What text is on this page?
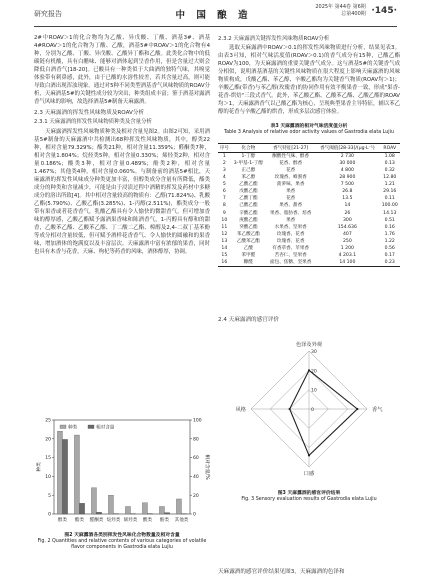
研究报告	中 国 酿 造
2025年 第44卷 第6期
总第400期 ·145·

2#中ROAV＞1的化合物均为乙酸、异戊酸、丁酸、酒基3#、酒基4#ROAV＞1的化合物为丁酸、乙酸，酒基5#中ROAV＞1的化合物有4种，分别为乙酸、丁酸、异戊酸、乙酸异丁酯和乙酸。此类化合物中的低碳链有机酸，具有白醋味、能够对酒体起到呈香作用，但是含量过大则会降低白酒香气[18-20]。已酸具有一种类似于大曲酒的独特气味，其嗅觉体验带有刺鼻感，此外，由于已酸的水溶性较差，若其含量过高，则可能导致白酒出现浑浊现象。通过对5种不同类型酒基香气风味物质的ROAV分析，天麻酒基5#的关键性成分较为突出，种类组成丰富；鉴于酒基对露酒香气风味的影响，故选择酒基5#制备天麻露酒。

2.3 天麻露酒的挥发性风味物质及ROAV分析
2.3.1 天麻露酒的挥发性风味物质种类及含量分析

天麻露酒挥发性风味物质种类及相对含量见图2。由图2可知，采用酒基5#制备的天麻露酒中共检测出68种挥发性风味物质，其中，醇类22种，相对含量79.329%；酯类21种，相对含量11.359%；醛酮类7种，相对含量1.804%；烷烃类5种，相对含量0.330%；烯烃类2种，相对含量0.186%；酸类3种，相对含量0.489%；酚类2种，相对含量1.467%；其他类4种，相对含量0.060%。与制备前的酒基5#相比，天麻露酒的挥发性风味成分种类更加丰富，但醇类成分含量有所降低，酯类成分的种类和含量减少，可能是由于浸渍过程中酒精的挥发及药材中多糖成分的溶出所致[4]。其中相对含量较高的物质有：乙醇(71.824%)、乳酸乙酯(5.790%)、乙酸乙酯(3.285%)、1-丙醇(2.511%)，酯类成分一般带有果香或者花香香气，乳酸乙酯具有令人愉快的微甜香气，但可增加香味的醇厚感，乙酸乙酯赋予露酒果香味和陈酒香气，1-丙醇具有醇和的甜香，乙酸苯乙酯、乙酸苯乙酯、丁二酸二乙酯、樟醇及2,4-二叔丁基苯酚等成分相对含量较低，但可赋予酒样花香香气、令人愉快的圆融和的果香味，增加酒体的饱满度以及丰富层次。天麻露酒中富有浓郁的果香，同时也具有木香与花香，天麻、枸杞等药香的风味，酒体醇厚，协调。

0
5
10
15
20
25
0
20
40
60
80
100
种类	相对含量/%
醇类 酯类 醛酮类 烷烃类 烯烃类 酸类 酚类 其他类
种类	相对含量
图2 天麻露酒各类别挥发性风味化合物数量及相对含量
Fig. 2 Quantities and relative contents of various categories of volatile flavor components in Gastrodia elata Lujiu
2.3.2 天麻露酒关键挥发性风味物质ROAV分析

选取天麻露酒中ROAV＞0.1的挥发性风味物质进行分析，结果见表3。由表3可知，相对气味活度值(ROAV＞0.1)的香气成分有15种，己酸乙酯ROAV为100，为天麻露酒的重要关键香气成分。这与酒基5#的关键香气成分相似，说明酒基酒基的关键性风味物质在很大程度上影响天麻露酒的风味物质构成，戊酸乙酯、苯乙醇、辛酸乙酯均为关键香气物质(ROAV均＞1)；辛酸乙酯(带香)与苯乙醇(玫瑰香)的协同作用有效平衡果香一致，形成"果香-花香-烘焙"三段式香气。此外，苯乙酸乙酯、乙酸苯乙酯、乙酸乙酯的ROAV均＞1，天麻露酒香气以己酸乙酯为核心，呈现典型果香主导特征，辅以苯乙醇的花香与辛酸乙酯的烘香，形成多层次感官体验。

表3 天麻露酒的相对气味活度值分析
Table 3 Analysis of relative odor activity values of Gastrodia elata Lujiu
序号	化合物	香气特征[21-27]	香气阈值[28-33]/(μg·L⁻¹)	ROAV
1	1-丁醇	酮酸性气味、醇香	2 730	1.08
2	3-甲基-1-丁醇	花香、醇香	30 000	0.13
3	正己醇	花香	4 800	0.32
4	苯乙醇	玫瑰香、蜂蜜香	28 900	12.80
5	乙酸乙酯	菠萝味、果香	7 500	1.21
6	戊酸乙酯	果香	26.8	29.16
7	乙酸丁酯	花香	13.5	0.11
8	己酸乙酯	果香、甜香	14	100.00
9	辛酸乙酯	果香、脂肪香、焙香	26	14.13
10	庚酸乙酯	果香	300	0.51
11	癸酸乙酯	水果香、坚果香	154.636	0.16
12	苯乙酸乙酯	玫瑰香、花香	407	1.76
13	乙酸苯乙酯	玫瑰香、花香	250	1.22
14	乙酸	有香草香、苹果香	1 200	0.56
15	苯甲醛	苦杏仁、坚果香	4 203.1	0.17
16	糠醛	面包、焦糖、坚果香	14 100	0.23
2.4 天麻露酒的感官评价
0
10
20
30
色泽及外观
香气
口感
风格
图3 天麻露酒的感官评价结果
Fig. 3 Sensory evaluation results of Gastrodia elata Lujiu
天麻露酒的感官评价结果见图3，天麻露酒的色泽和
